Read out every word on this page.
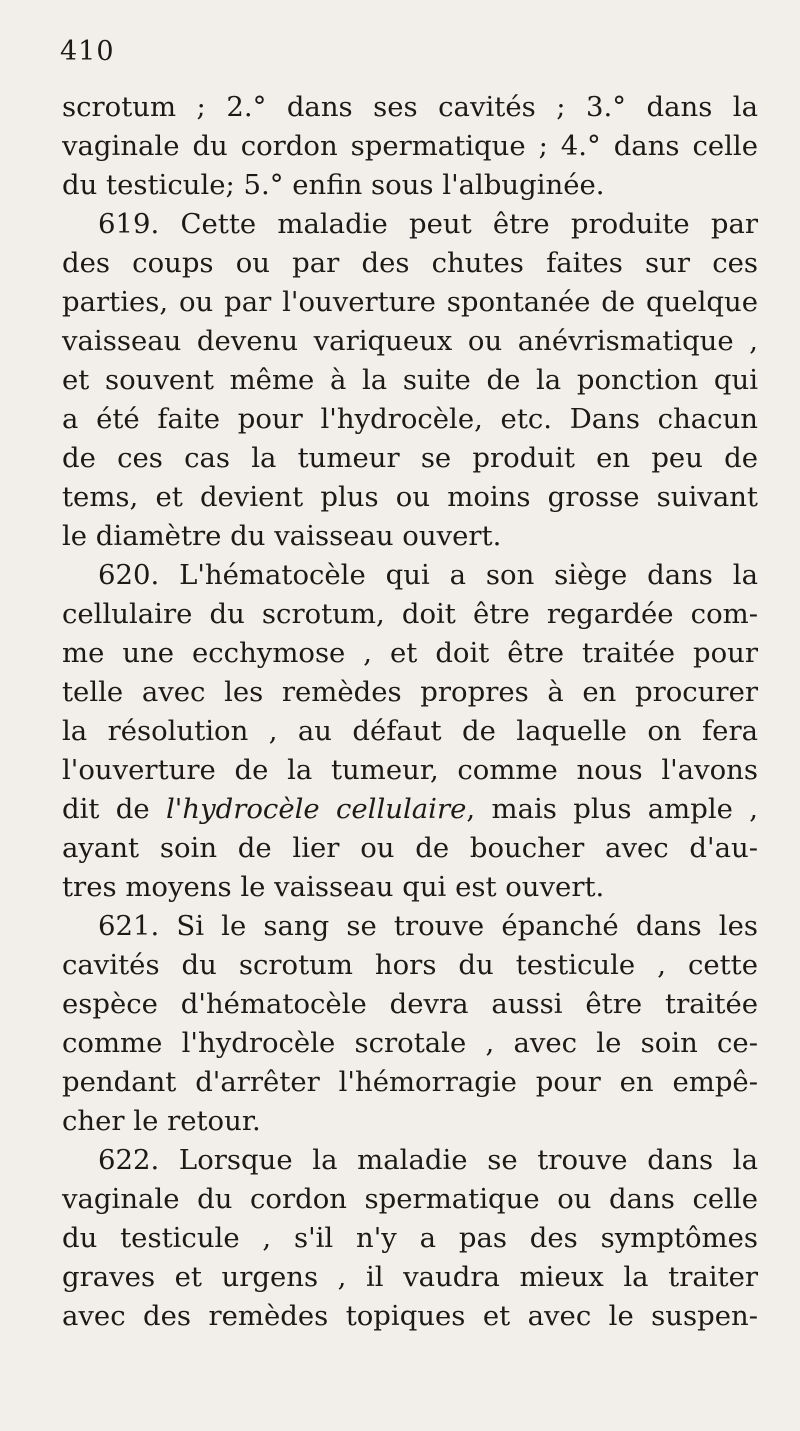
410
scrotum ; 2.° dans ses cavités ; 3.° dans la
vaginale du cordon spermatique ; 4.° dans celle
du testicule; 5.° enfin sous l'albuginée.
619. Cette maladie peut être produite par
des coups ou par des chutes faites sur ces
parties, ou par l'ouverture spontanée de quelque
vaisseau devenu variqueux ou anévrismatique ,
et souvent même à la suite de la ponction qui
a été faite pour l'hydrocèle, etc. Dans chacun
de ces cas la tumeur se produit en peu de
tems, et devient plus ou moins grosse suivant
le diamètre du vaisseau ouvert.
620. L'hématocèle qui a son siège dans la
cellulaire du scrotum, doit être regardée com-
me une ecchymose , et doit être traitée pour
telle avec les remèdes propres à en procurer
la résolution , au défaut de laquelle on fera
l'ouverture de la tumeur, comme nous l'avons
dit de l'hydrocèle cellulaire, mais plus ample ,
ayant soin de lier ou de boucher avec d'au-
tres moyens le vaisseau qui est ouvert.
621. Si le sang se trouve épanché dans les
cavités du scrotum hors du testicule , cette
espèce d'hématocèle devra aussi être traitée
comme l'hydrocèle scrotale , avec le soin ce-
pendant d'arrêter l'hémorragie pour en empê-
cher le retour.
622. Lorsque la maladie se trouve dans la
vaginale du cordon spermatique ou dans celle
du testicule , s'il n'y a pas des symptômes
graves et urgens , il vaudra mieux la traiter
avec des remèdes topiques et avec le suspen-
